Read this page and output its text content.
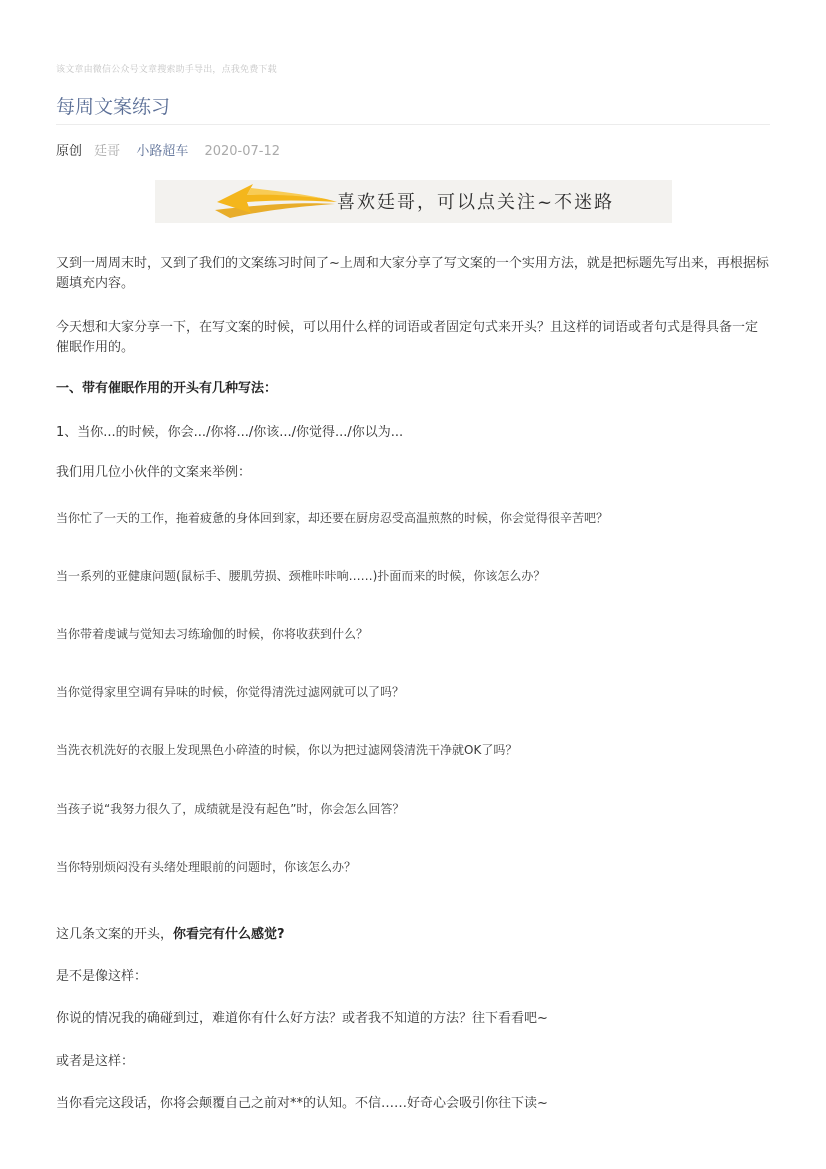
该文章由微信公众号文章搜索助手导出，点我免费下载
每周文案练习
原创 廷哥 小路超车 2020-07-12
喜欢廷哥，可以点关注~不迷路

又到一周周末时，又到了我们的文案练习时间了~上周和大家分享了写文案的一个实用方法，就是把标题先写出来，再根据标题填充内容。

今天想和大家分享一下，在写文案的时候，可以用什么样的词语或者固定句式来开头？且这样的词语或者句式是得具备一定催眠作用的。

一、带有催眠作用的开头有几种写法：

1、当你...的时候，你会.../你将.../你该.../你觉得.../你以为...

我们用几位小伙伴的文案来举例：

当你忙了一天的工作，拖着疲惫的身体回到家，却还要在厨房忍受高温煎熬的时候，你会觉得很辛苦吧？

当一系列的亚健康问题(鼠标手、腰肌劳损、颈椎咔咔响……)扑面而来的时候，你该怎么办？

当你带着虔诚与觉知去习练瑜伽的时候，你将收获到什么？

当你觉得家里空调有异味的时候，你觉得清洗过滤网就可以了吗？

当洗衣机洗好的衣服上发现黑色小碎渣的时候，你以为把过滤网袋清洗干净就OK了吗？

当孩子说“我努力很久了，成绩就是没有起色”时，你会怎么回答？

当你特别烦闷没有头绪处理眼前的问题时，你该怎么办？

这几条文案的开头，你看完有什么感觉?

是不是像这样：

你说的情况我的确碰到过，难道你有什么好方法？或者我不知道的方法？往下看看吧~

或者是这样：

当你看完这段话，你将会颠覆自己之前对**的认知。不信……好奇心会吸引你往下读~
